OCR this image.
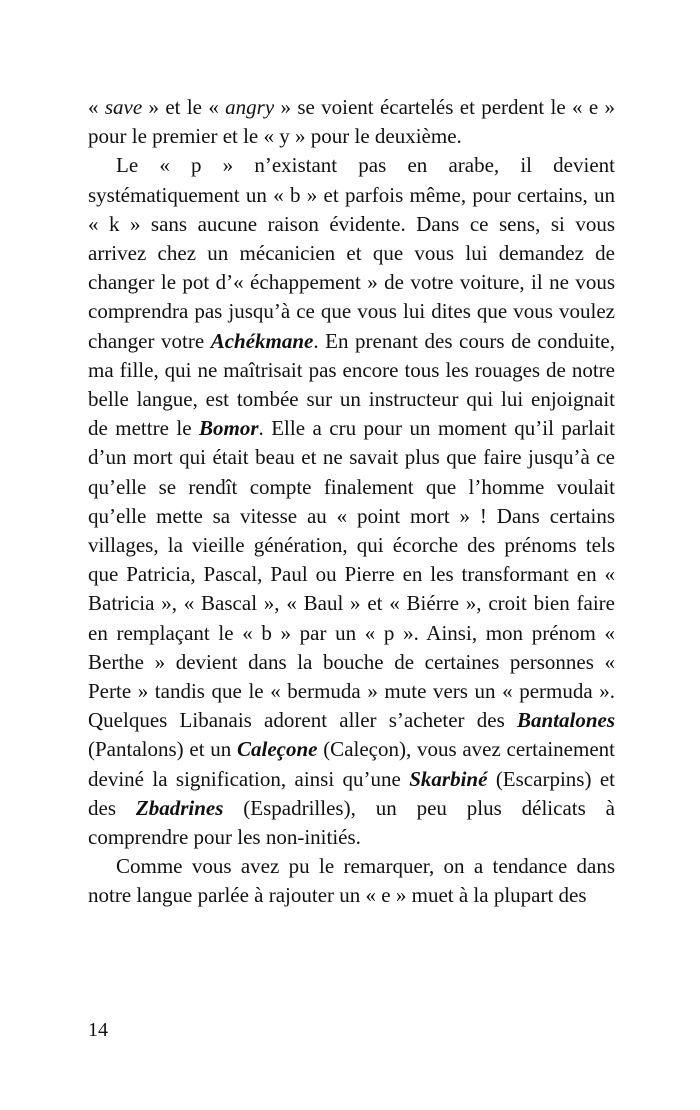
« save » et le « angry » se voient écartelés et perdent le « e » pour le premier et le « y » pour le deuxième.

Le « p » n’existant pas en arabe, il devient systématiquement un « b » et parfois même, pour certains, un « k » sans aucune raison évidente. Dans ce sens, si vous arrivez chez un mécanicien et que vous lui demandez de changer le pot d’« échappement » de votre voiture, il ne vous comprendra pas jusqu’à ce que vous lui dites que vous voulez changer votre Achékmane. En prenant des cours de conduite, ma fille, qui ne maîtrisait pas encore tous les rouages de notre belle langue, est tombée sur un instructeur qui lui enjoignait de mettre le Bomor. Elle a cru pour un moment qu’il parlait d’un mort qui était beau et ne savait plus que faire jusqu’à ce qu’elle se rendît compte finalement que l’homme voulait qu’elle mette sa vitesse au « point mort » ! Dans certains villages, la vieille génération, qui écorche des prénoms tels que Patricia, Pascal, Paul ou Pierre en les transformant en « Batricia », « Bascal », « Baul » et « Biérre », croit bien faire en remplaçant le « b » par un « p ». Ainsi, mon prénom « Berthe » devient dans la bouche de certaines personnes « Perte » tandis que le « bermuda » mute vers un « permuda ». Quelques Libanais adorent aller s’acheter des Bantalones (Pantalons) et un Caleçone (Caleçon), vous avez certainement deviné la signification, ainsi qu’une Skarbiné (Escarpins) et des Zbadrines (Espadrilles), un peu plus délicats à comprendre pour les non-initiés.

Comme vous avez pu le remarquer, on a tendance dans notre langue parlée à rajouter un « e » muet à la plupart des

14
